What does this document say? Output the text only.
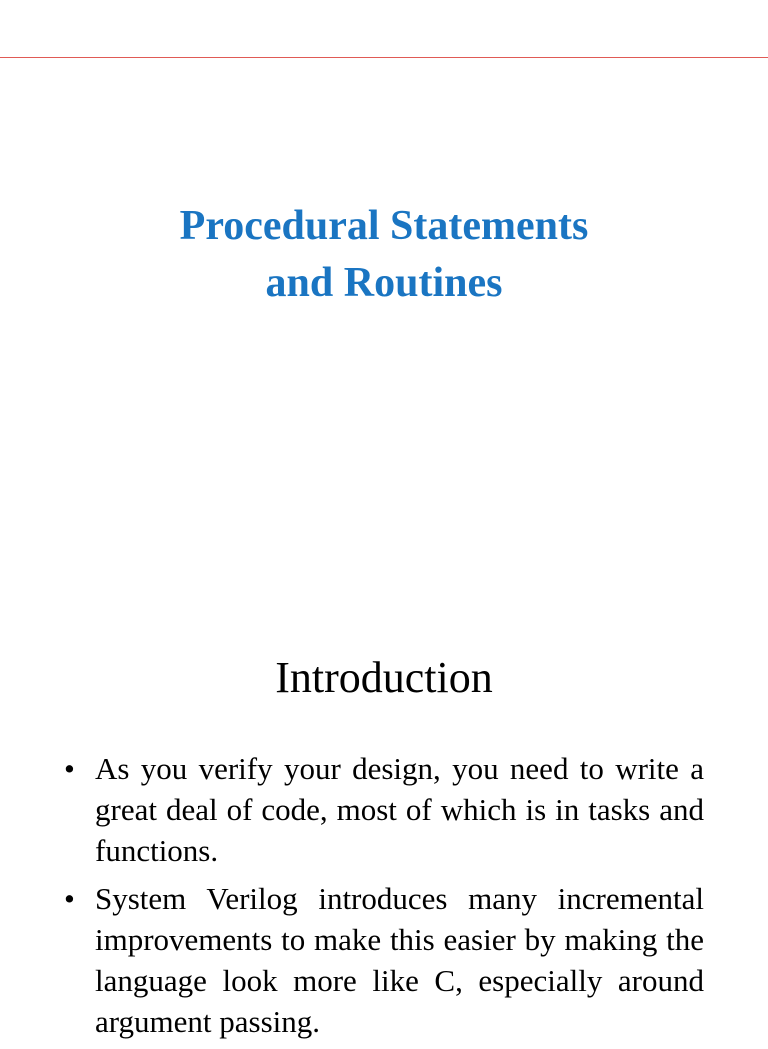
Procedural Statements
and Routines
Introduction
• As you verify your design, you need to write a great deal of code, most of which is in tasks and functions.
• System Verilog introduces many incremental improvements to make this easier by making the language look more like C, especially around argument passing.
